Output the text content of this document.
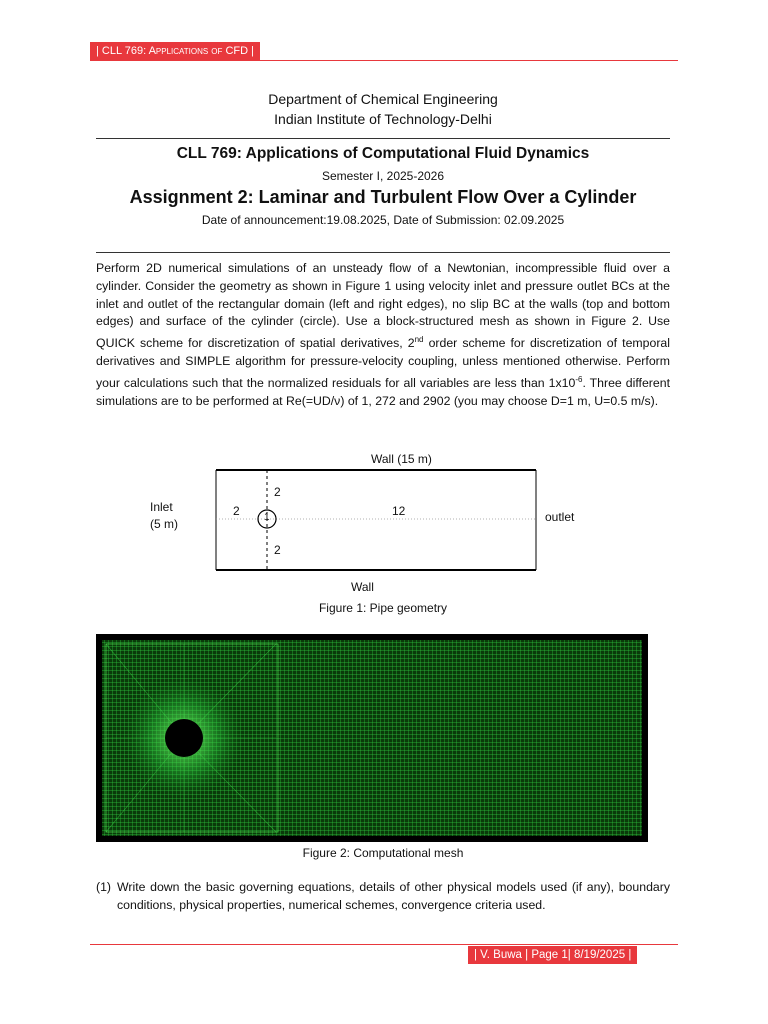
| CLL 769: Applications of CFD |
Department of Chemical Engineering
Indian Institute of Technology-Delhi
CLL 769: Applications of Computational Fluid Dynamics
Semester I, 2025-2026
Assignment 2: Laminar and Turbulent Flow Over a Cylinder
Date of announcement:19.08.2025, Date of Submission: 02.09.2025
Perform 2D numerical simulations of an unsteady flow of a Newtonian, incompressible fluid over a cylinder. Consider the geometry as shown in Figure 1 using velocity inlet and pressure outlet BCs at the inlet and outlet of the rectangular domain (left and right edges), no slip BC at the walls (top and bottom edges) and surface of the cylinder (circle). Use a block-structured mesh as shown in Figure 2. Use QUICK scheme for discretization of spatial derivatives, 2nd order scheme for discretization of temporal derivatives and SIMPLE algorithm for pressure-velocity coupling, unless mentioned otherwise. Perform your calculations such that the normalized residuals for all variables are less than $1x10^{-6}$. Three different simulations are to be performed at Re(=UD/ν) of 1, 272 and 2902 (you may choose D=1 m, U=0.5 m/s).
Wall (15 m)
2
2
2	12
1
Inlet
(5 m)	outlet
Wall
Figure 1: Pipe geometry
Figure 2: Computational mesh
(1) Write down the basic governing equations, details of other physical models used (if any), boundary conditions, physical properties, numerical schemes, convergence criteria used.
| V. Buwa | Page 1| 8/19/2025 |
